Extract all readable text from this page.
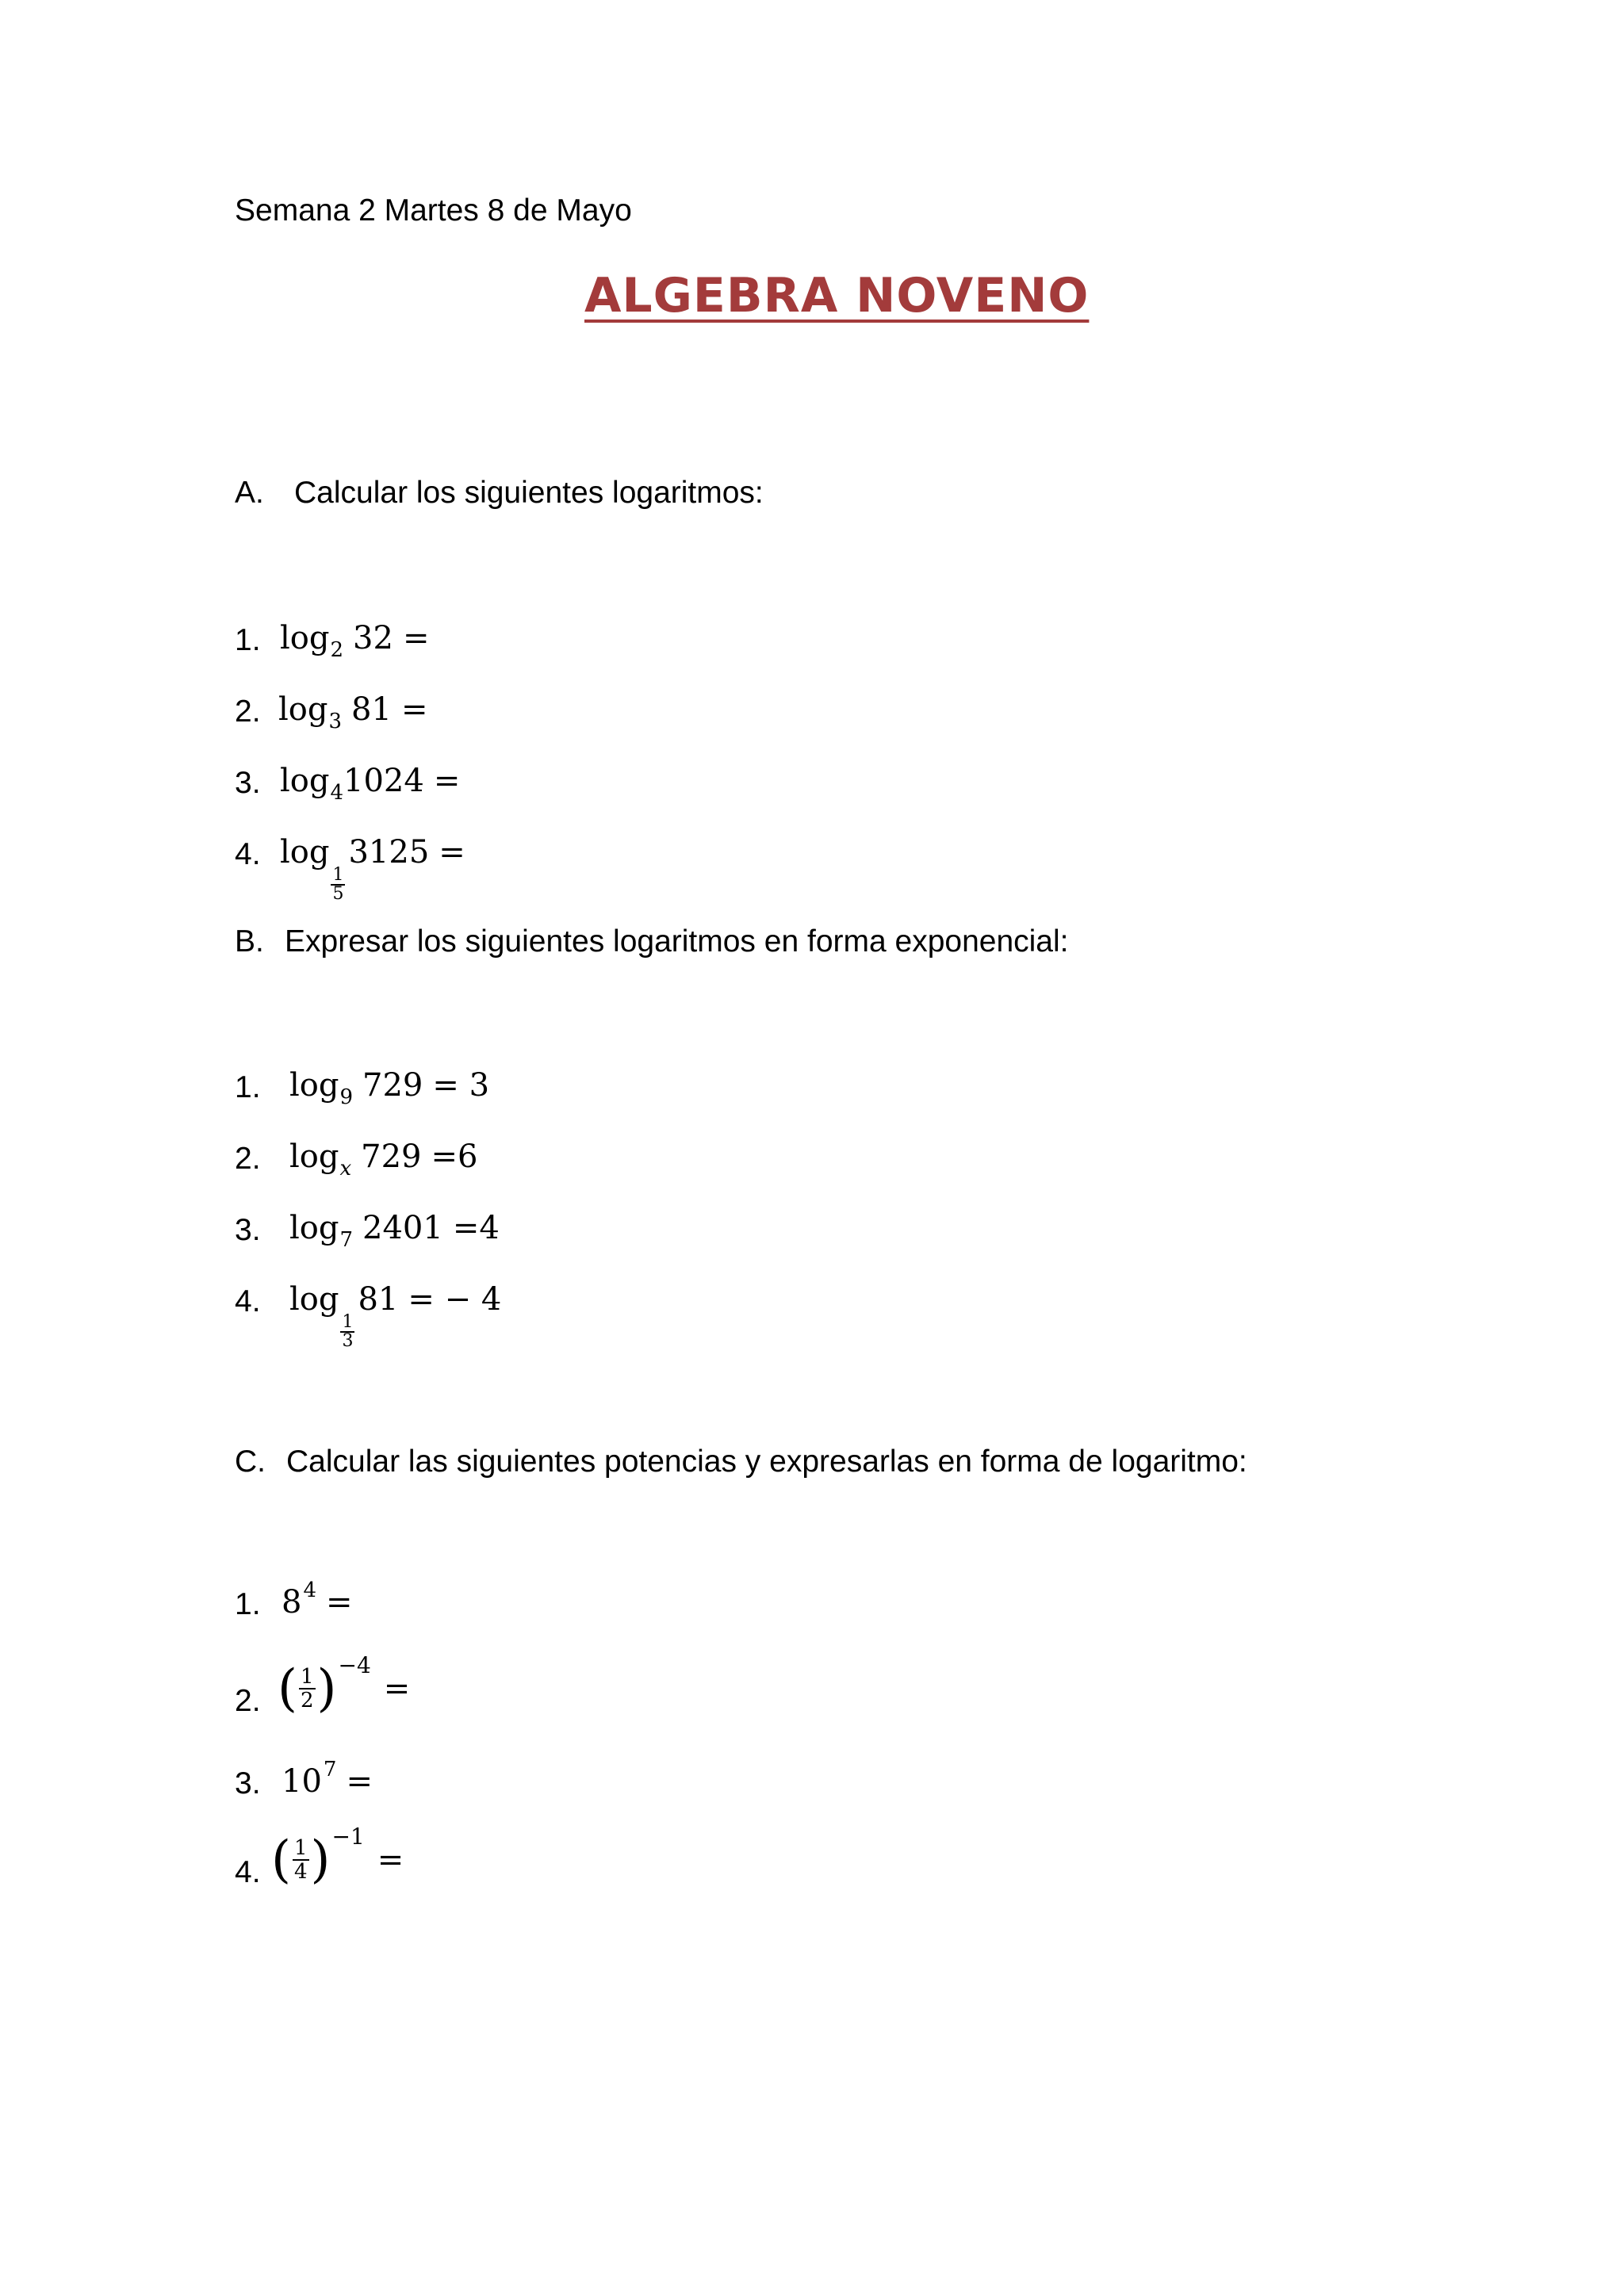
Semana 2 Martes 8 de Mayo
ALGEBRA NOVENO
A. Calcular los siguientes logaritmos:
1. log 2 32 =
2. log 3 81 =
3. log 4 1024 =
4. log
$\frac{1}{5}$
3125 =
B. Expresar los siguientes logaritmos en forma exponencial:
1. log 9 729 = 3
2. log x 729 =6
3. log 7 2401 =4
4. log
$\frac{1}{3}$
81 = − 4
C. Calcular las siguientes potencias y expresarlas en forma de logaritmo:
1. 8 4 =
2. ( $\frac{1}{2}$ ) −4
=
3. 10 7 =
4. ( $\frac{1}{4}$ ) −1
=
